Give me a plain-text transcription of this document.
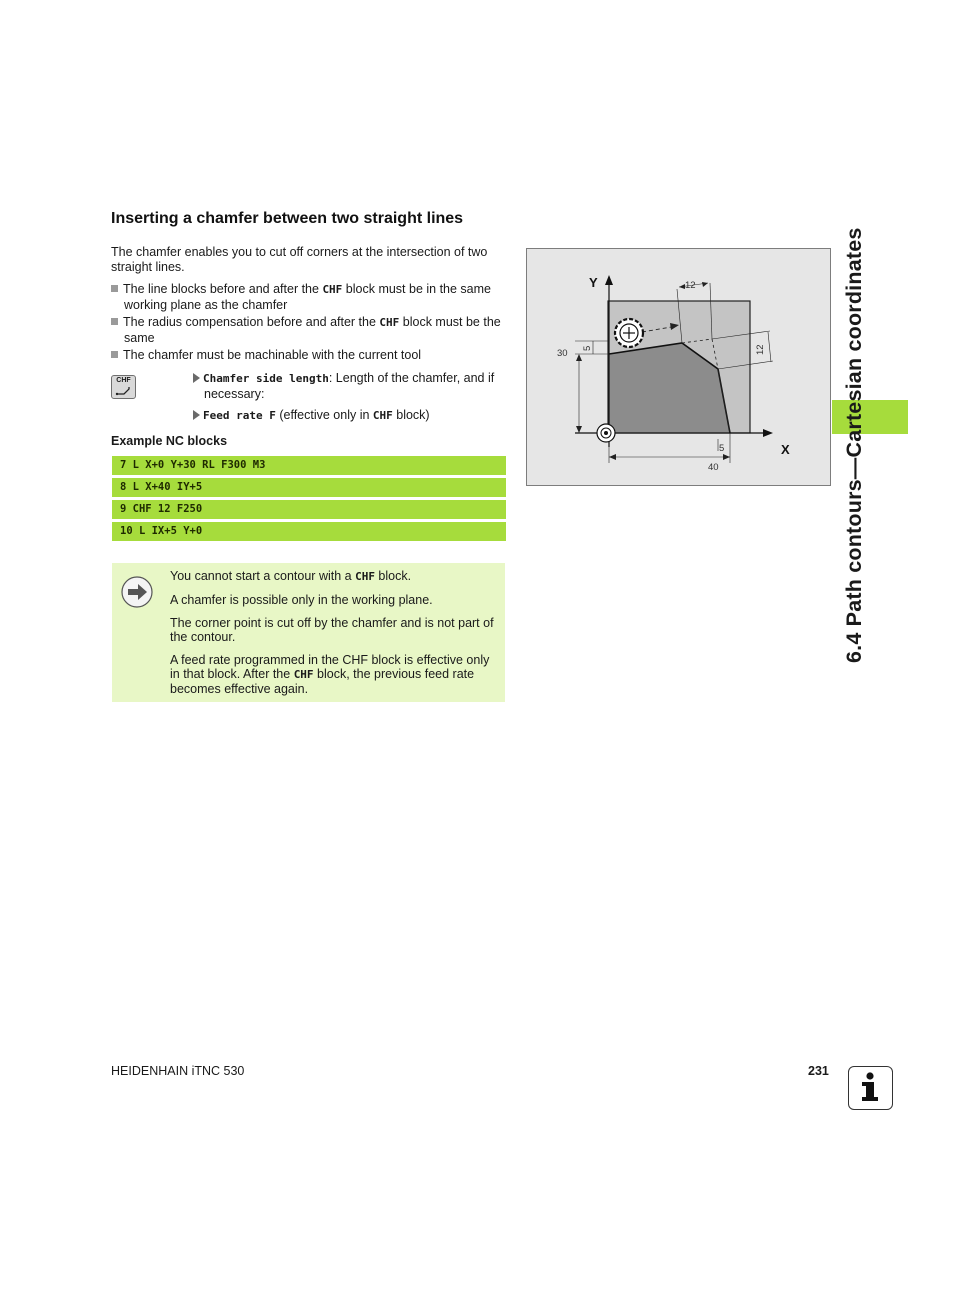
Inserting a chamfer between two straight lines
The chamfer enables you to cut off corners at the intersection of two straight lines.
The line blocks before and after the CHF block must be in the same working plane as the chamfer
The radius compensation before and after the CHF block must be the same
The chamfer must be machinable with the current tool
CHF	Chamfer side length: Length of the chamfer, and if necessary:
Feed rate F (effective only in CHF block)
Example NC blocks
7 L X+0 Y+30 RL F300 M3
8 L X+40 IY+5
9 CHF 12 F250
10 L IX+5 Y+0

You cannot start a contour with a CHF block.

A chamfer is possible only in the working plane.

The corner point is cut off by the chamfer and is not part of the contour.

A feed rate programmed in the CHF block is effective only in that block. After the CHF block, the previous feed rate becomes effective again.

Y
X
12
12
30 5
5
40	6.4 Path contours—Cartesian coordinates
HEIDENHAIN iTNC 530	231
